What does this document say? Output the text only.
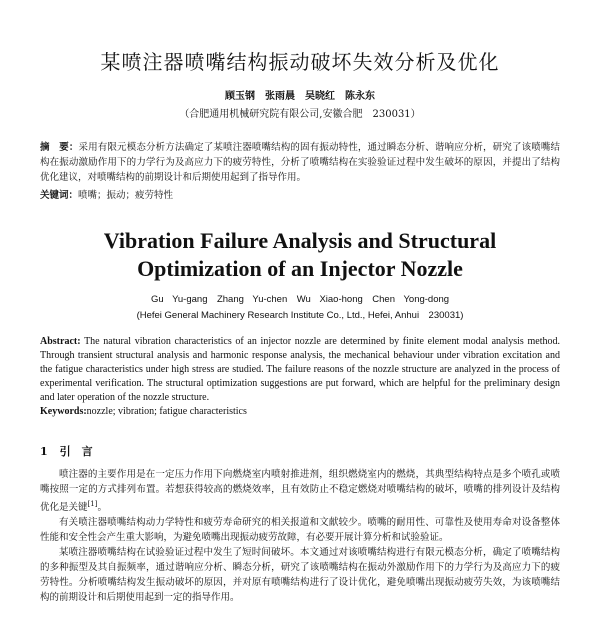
某喷注器喷嘴结构振动破坏失效分析及优化
顾玉钢　张雨晨　吴晓红　陈永东
（合肥通用机械研究院有限公司,安徽合肥　230031）
摘　要：采用有限元模态分析方法确定了某喷注器喷嘴结构的固有振动特性，通过瞬态分析、谐响应分析，研究了该喷嘴结构在振动激励作用下的力学行为及高应力下的疲劳特性，分析了喷嘴结构在实验验证过程中发生破坏的原因，并提出了结构优化建议，对喷嘴结构的前期设计和后期使用起到了指导作用。
关键词：喷嘴；振动；疲劳特性
Vibration Failure Analysis and Structural
Optimization of an Injector Nozzle
Gu Yu-gang　Zhang Yu-chen　Wu Xiao-hong　Chen Yong-dong
(Hefei General Machinery Research Institute Co., Ltd., Hefei, Anhui　230031)
Abstract: The natural vibration characteristics of an injector nozzle are determined by finite element modal analysis method. Through transient structural analysis and harmonic response analysis, the mechanical behaviour under vibration excitation and the fatigue characteristics under high stress are studied. The failure reasons of the nozzle structure are analyzed in the process of experimental verification. The structural optimization suggestions are put forward, which are helpful for the preliminary design and later operation of the nozzle structure.
Keywords:nozzle; vibration; fatigue characteristics
1 引　言

喷注器的主要作用是在一定压力作用下向燃烧室内喷射推进剂，组织燃烧室内的燃烧，其典型结构特点是多个喷孔或喷嘴按照一定的方式排列布置。若想获得较高的燃烧效率，且有效防止不稳定燃烧对喷嘴结构的破坏，喷嘴的排列设计及结构优化是关键[1]。

有关喷注器喷嘴结构动力学特性和疲劳寿命研究的相关报道和文献较少。喷嘴的耐用性、可靠性及使用寿命对设备整体性能和安全性会产生重大影响，为避免喷嘴出现振动疲劳故障，有必要开展计算分析和试验验证。

某喷注器喷嘴结构在试验验证过程中发生了短时间破坏。本文通过对该喷嘴结构进行有限元模态分析，确定了喷嘴结构的多种振型及其自振频率，通过谐响应分析、瞬态分析，研究了该喷嘴结构在振动外激励作用下的力学行为及高应力下的疲劳特性。分析喷嘴结构发生振动破坏的原因，并对原有喷嘴结构进行了设计优化，避免喷嘴出现振动疲劳失效，为该喷嘴结构的前期设计和后期使用起到一定的指导作用。
